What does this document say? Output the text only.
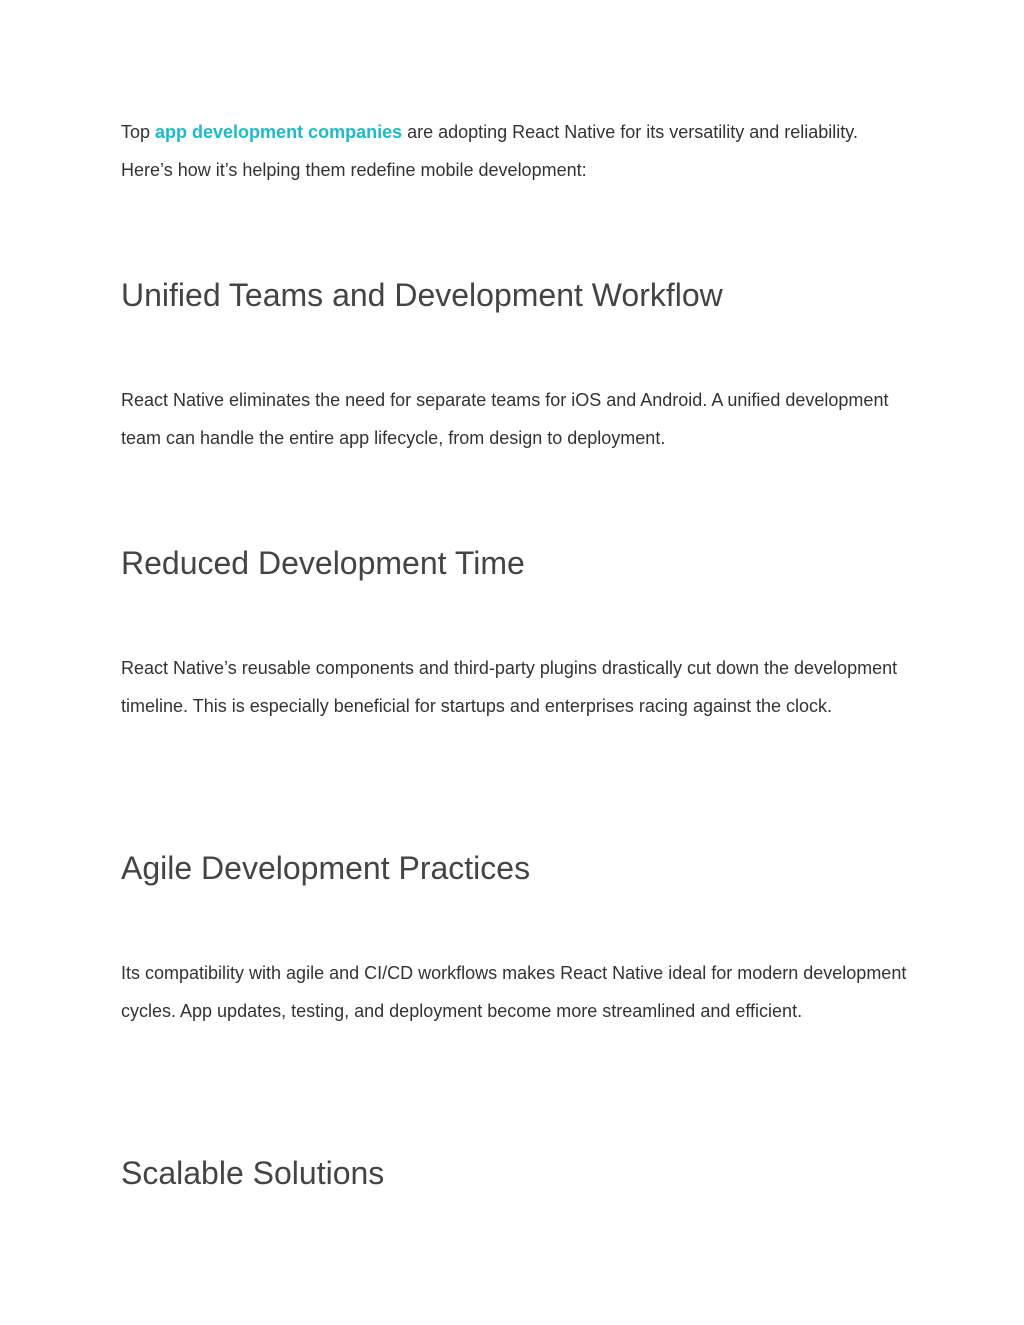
Top app development companies are adopting React Native for its versatility and reliability. Here’s how it’s helping them redefine mobile development:

Unified Teams and Development Workflow

React Native eliminates the need for separate teams for iOS and Android. A unified development team can handle the entire app lifecycle, from design to deployment.

Reduced Development Time

React Native’s reusable components and third-party plugins drastically cut down the development timeline. This is especially beneficial for startups and enterprises racing against the clock.

Agile Development Practices

Its compatibility with agile and CI/CD workflows makes React Native ideal for modern development cycles. App updates, testing, and deployment become more streamlined and efficient.

Scalable Solutions
